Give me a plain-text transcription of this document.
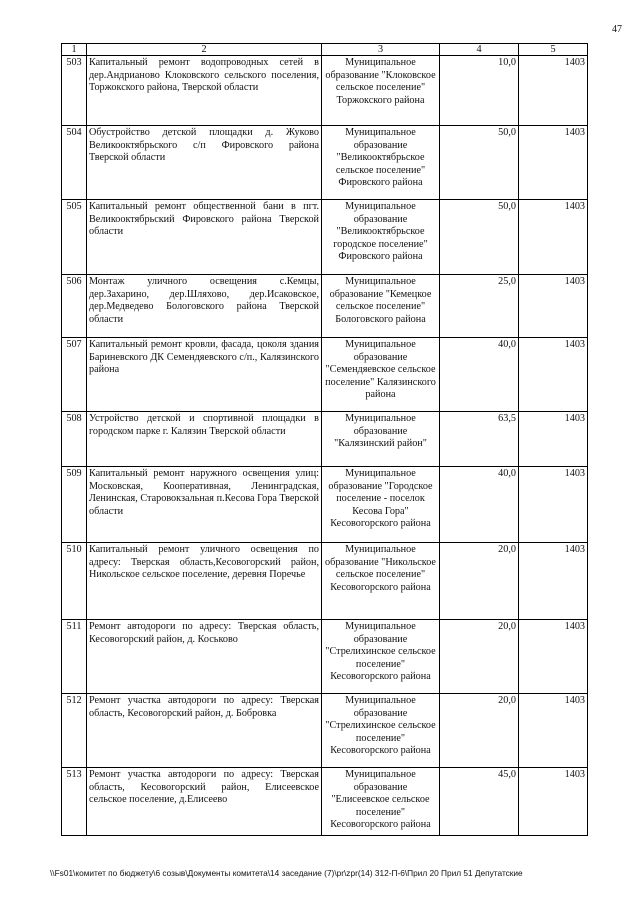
47
1	2	3	4	5
503	Капитальный ремонт водопроводных сетей в дер.Андрианово Клоковского сельского поселения, Торжокского района, Тверской области	Муниципальное образование "Клоковское сельское поселение" Торжокского района	10,0	1403
504	Обустройство детской площадки д. Жуково Великооктябрьского с/п Фировского района Тверской области	Муниципальное образование "Великооктябрьское сельское поселение" Фировского района	50,0	1403
505	Капитальный ремонт общественной бани в пгт. Великооктябрьский Фировского района Тверской области	Муниципальное образование "Великооктябрьское городское поселение" Фировского района	50,0	1403
506	Монтаж уличного освещения с.Кемцы, дер.Захарино, дер.Шляхово, дер.Исаковское, дер.Медведево Бологовского района Тверской области	Муниципальное образование "Кемецкое сельское поселение" Бологовского района	25,0	1403
507	Капитальный ремонт кровли, фасада, цоколя здания Бариневского ДК Семендяевского с/п., Калязинского района	Муниципальное образование "Семендяевское сельское поселение" Калязинского района	40,0	1403
508	Устройство детской и спортивной площадки в городском парке г. Калязин Тверской области	Муниципальное образование "Калязинский район"	63,5	1403
509	Капитальный ремонт наружного освещения улиц: Московская, Кооперативная, Ленинградская, Ленинская, Старовокзальная п.Кесова Гора Тверской области	Муниципальное образование "Городское поселение - поселок Кесова Гора" Кесовогорского района	40,0	1403
510	Капитальный ремонт уличного освещения по адресу: Тверская область,Кесовогорский район, Никольское сельское поселение, деревня Поречье	Муниципальное образование "Никольское сельское поселение" Кесовогорского района	20,0	1403
511	Ремонт автодороги по адресу: Тверская область, Кесовогорский район, д. Коськово	Муниципальное образование "Стрелихинское сельское поселение" Кесовогорского района	20,0	1403
512	Ремонт участка автодороги по адресу: Тверская область, Кесовогорский район, д. Бобровка	Муниципальное образование "Стрелихинское сельское поселение" Кесовогорского района	20,0	1403
513	Ремонт участка автодороги по адресу: Тверская область, Кесовогорский район, Елисеевское сельское поселение, д.Елисеево	Муниципальное образование "Елисеевское сельское поселение" Кесовогорского района	45,0	1403
\\Fs01\комитет по бюджету\6 созыв\Документы комитета\14 заседание (7)\pr\zpr(14) 312-П-6\Прил 20 Прил 51 Депутатские
